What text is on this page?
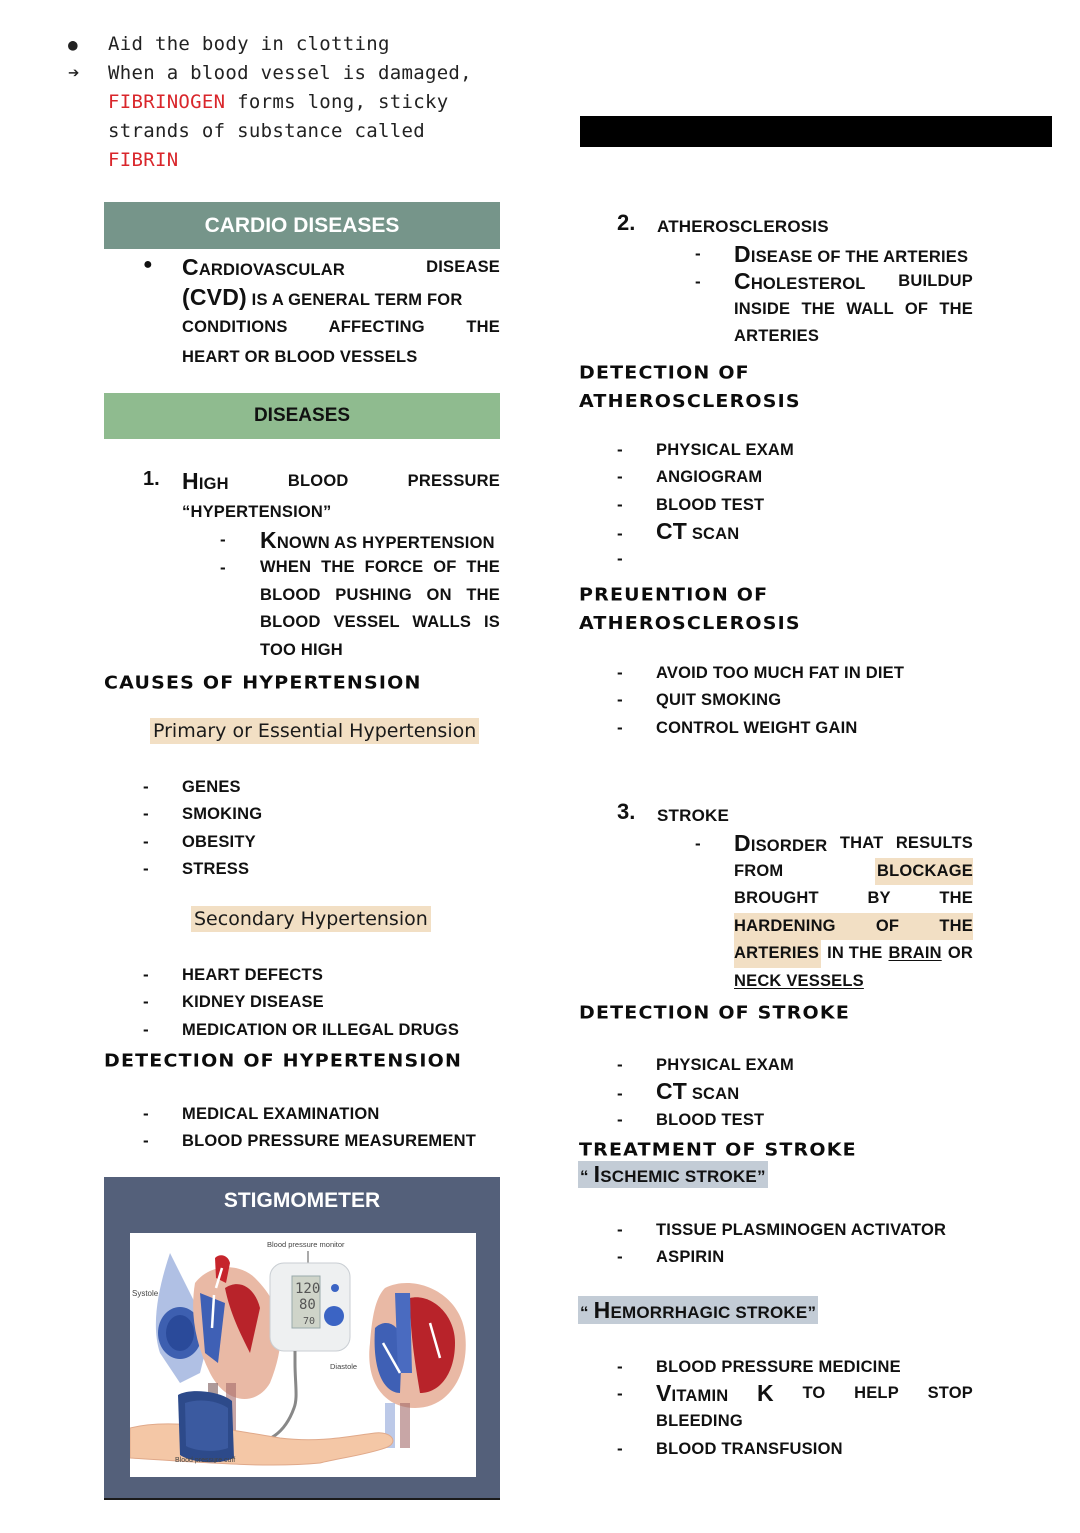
● Aid the body in clotting
➔ When a blood vessel is damaged,
FIBRINOGEN forms long, sticky
strands of substance called
FIBRIN
CARDIO DISEASES
● CARDIOVASCULAR	DISEASE
(CVD) IS A GENERAL TERM FOR
CONDITIONS AFFECTING THE
HEART OR BLOOD VESSELS
DISEASES
1. HIGH	BLOOD	PRESSURE
“HYPERTENSION”
- KNOWN AS HYPERTENSION
- WHEN THE FORCE OF THE
BLOOD PUSHING ON THE
BLOOD VESSEL WALLS IS
TOO HIGH
CAUSES OF HYPERTENSION
Primary or Essential Hypertension
- GENES
- SMOKING
- OBESITY
- STRESS
Secondary Hypertension
- HEART DEFECTS
- KIDNEY DISEASE
- MEDICATION OR ILLEGAL DRUGS
DETECTION OF HYPERTENSION
- MEDICAL EXAMINATION
- BLOOD PRESSURE MEASUREMENT
STIGMOMETER
Systole
Blood pressure monitor
120
80
70
Diastole
Blood pressure cuff
2. ATHEROSCLEROSIS
- DISEASE OF THE ARTERIES
- CHOLESTEROL BUILDUP
INSIDE THE WALL OF THE
ARTERIES
DETECTION OF
ATHEROSCLEROSIS
- PHYSICAL EXAM
- ANGIOGRAM
- BLOOD TEST
- CT SCAN
-
PREUENTION OF
ATHEROSCLEROSIS
- AVOID TOO MUCH FAT IN DIET
- QUIT SMOKING
- CONTROL WEIGHT GAIN
3. STROKE
- DISORDER THAT RESULTS
FROM	BLOCKAGE
BROUGHT	BY	THE
HARDENING OF THE
ARTERIES IN THE BRAIN OR
NECK VESSELS
DETECTION OF STROKE
- PHYSICAL EXAM
- CT SCAN
- BLOOD TEST
TREATMENT OF STROKE
“ ISCHEMIC STROKE”
- TISSUE PLASMINOGEN ACTIVATOR
- ASPIRIN
“ HEMORRHAGIC STROKE”
- BLOOD PRESSURE MEDICINE
- VITAMIN K TO HELP STOP
BLEEDING
- BLOOD TRANSFUSION
